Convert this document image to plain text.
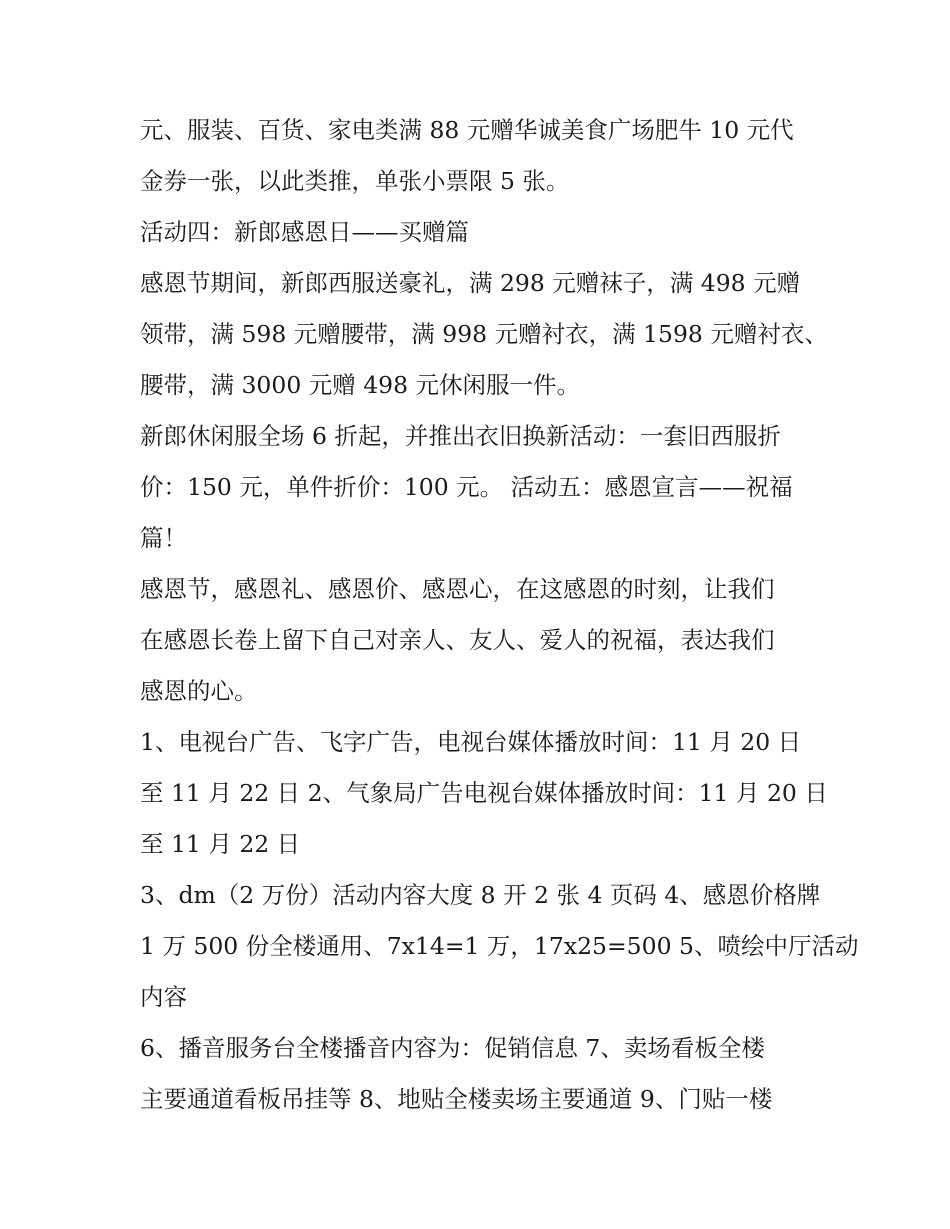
元、服装、百货、家电类满 88 元赠华诚美食广场肥牛 10 元代

金券一张，以此类推，单张小票限 5 张。

活动四：新郎感恩日——买赠篇

感恩节期间，新郎西服送豪礼，满 298 元赠袜子，满 498 元赠

领带，满 598 元赠腰带，满 998 元赠衬衣，满 1598 元赠衬衣、

腰带，满 3000 元赠 498 元休闲服一件。

新郎休闲服全场 6 折起，并推出衣旧换新活动：一套旧西服折

价：150 元，单件折价：100 元。 活动五：感恩宣言——祝福

篇！

感恩节，感恩礼、感恩价、感恩心，在这感恩的时刻，让我们

在感恩长卷上留下自己对亲人、友人、爱人的祝福，表达我们

感恩的心。

1、电视台广告、飞字广告，电视台媒体播放时间：11 月 20 日

至 11 月 22 日 2、气象局广告电视台媒体播放时间：11 月 20 日

至 11 月 22 日

3、dm（2 万份）活动内容大度 8 开 2 张 4 页码 4、感恩价格牌

1 万 500 份全楼通用、7x14=1 万，17x25=500 5、喷绘中厅活动

内容

6、播音服务台全楼播音内容为：促销信息 7、卖场看板全楼

主要通道看板吊挂等 8、地贴全楼卖场主要通道 9、门贴一楼
